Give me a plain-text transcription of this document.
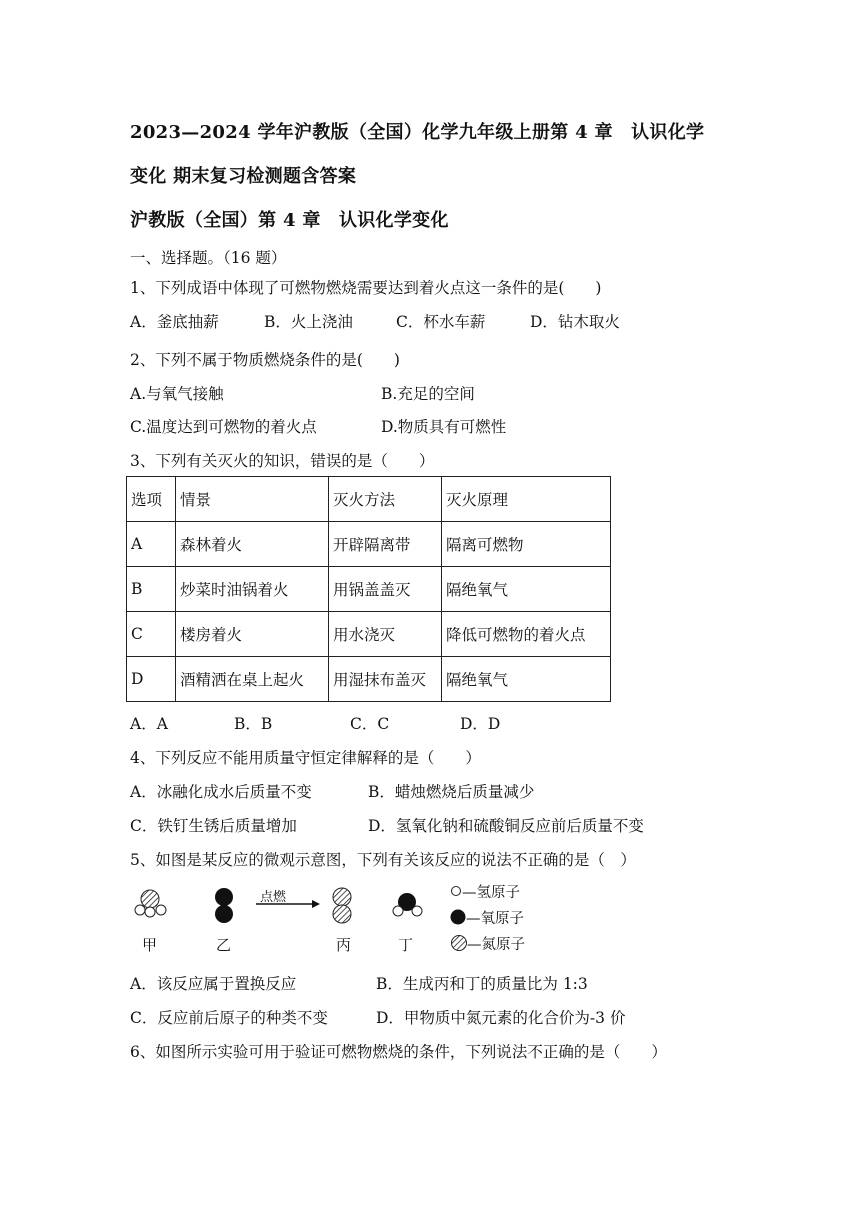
2023—2024 学年沪教版（全国）化学九年级上册第 4 章　认识化学
变化 期末复习检测题含答案
沪教版（全国）第 4 章　认识化学变化
一、选择题。（16 题）
1、下列成语中体现了可燃物燃烧需要达到着火点这一条件的是(　　)
A．釜底抽薪	B．火上浇油	C．杯水车薪	D．钻木取火
2、下列不属于物质燃烧条件的是(　　)
A.与氧气接触	B.充足的空间
C.温度达到可燃物的着火点	D.物质具有可燃性
3、下列有关灭火的知识，错误的是（　　）
选项	情景	灭火方法	灭火原理
A	森林着火	开辟隔离带	隔离可燃物
B	炒菜时油锅着火	用锅盖盖灭	隔绝氧气
C	楼房着火	用水浇灭	降低可燃物的着火点
D	酒精洒在桌上起火	用湿抹布盖灭	隔绝氧气
A．A	B．B	C．C	D．D
4、下列反应不能用质量守恒定律解释的是（　　）
A．冰融化成水后质量不变	B．蜡烛燃烧后质量减少
C．铁钉生锈后质量增加	D．氢氧化钠和硫酸铜反应前后质量不变
5、如图是某反应的微观示意图，下列有关该反应的说法不正确的是（　）
点燃
甲	乙	丙	丁
—氢原子
—氧原子
—氮原子
A．该反应属于置换反应	B．生成丙和丁的质量比为 1:3
C．反应前后原子的种类不变	D．甲物质中氮元素的化合价为-3 价
6、如图所示实验可用于验证可燃物燃烧的条件，下列说法不正确的是（　　）
